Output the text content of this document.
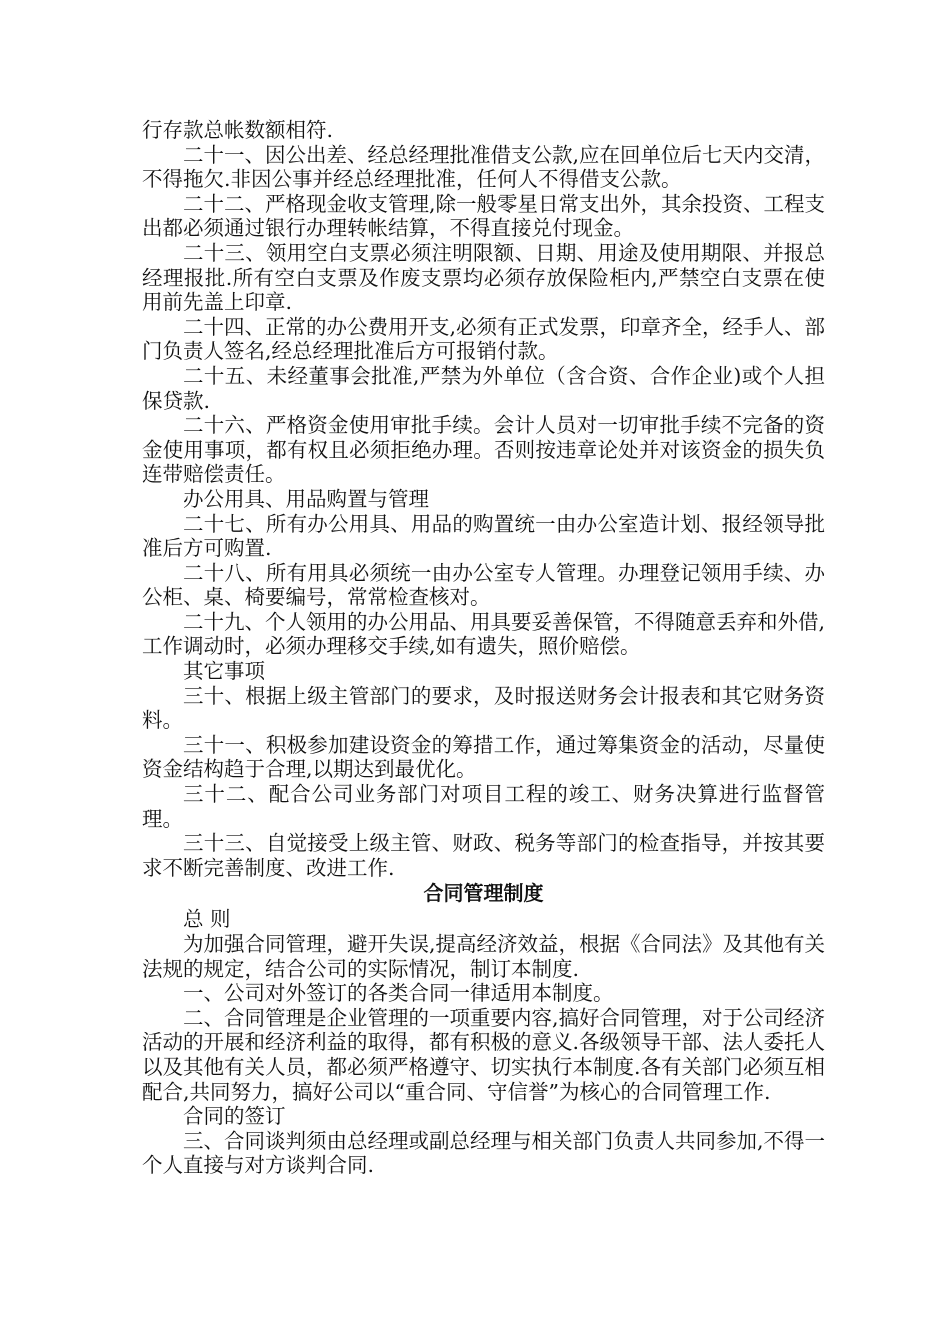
行存款总帐数额相符.

二十一、因公出差、经总经理批准借支公款,应在回单位后七天内交清，不得拖欠.非因公事并经总经理批准，任何人不得借支公款。

二十二、严格现金收支管理,除一般零星日常支出外，其余投资、工程支出都必须通过银行办理转帐结算，不得直接兑付现金。

二十三、领用空白支票必须注明限额、日期、用途及使用期限、并报总经理报批.所有空白支票及作废支票均必须存放保险柜内,严禁空白支票在使用前先盖上印章.

二十四、正常的办公费用开支,必须有正式发票，印章齐全，经手人、部门负责人签名,经总经理批准后方可报销付款。

二十五、未经董事会批准,严禁为外单位（含合资、合作企业)或个人担保贷款.

二十六、严格资金使用审批手续。会计人员对一切审批手续不完备的资金使用事项，都有权且必须拒绝办理。否则按违章论处并对该资金的损失负连带赔偿责任。

办公用具、用品购置与管理

二十七、所有办公用具、用品的购置统一由办公室造计划、报经领导批准后方可购置.

二十八、所有用具必须统一由办公室专人管理。办理登记领用手续、办公柜、桌、椅要编号，常常检查核对。

二十九、个人领用的办公用品、用具要妥善保管，不得随意丢弃和外借,工作调动时，必须办理移交手续,如有遗失，照价赔偿。

其它事项

三十、根据上级主管部门的要求，及时报送财务会计报表和其它财务资料。

三十一、积极参加建设资金的筹措工作，通过筹集资金的活动，尽量使资金结构趋于合理,以期达到最优化。

三十二、配合公司业务部门对项目工程的竣工、财务决算进行监督管理。

三十三、自觉接受上级主管、财政、税务等部门的检查指导，并按其要求不断完善制度、改进工作.

合同管理制度

总 则

为加强合同管理，避开失误,提高经济效益，根据《合同法》及其他有关法规的规定，结合公司的实际情况，制订本制度.

一、公司对外签订的各类合同一律适用本制度。

二、合同管理是企业管理的一项重要内容,搞好合同管理，对于公司经济活动的开展和经济利益的取得，都有积极的意义.各级领导干部、法人委托人以及其他有关人员，都必须严格遵守、切实执行本制度.各有关部门必须互相配合,共同努力，搞好公司以“重合同、守信誉”为核心的合同管理工作.

合同的签订

三、合同谈判须由总经理或副总经理与相关部门负责人共同参加,不得一个人直接与对方谈判合同.
